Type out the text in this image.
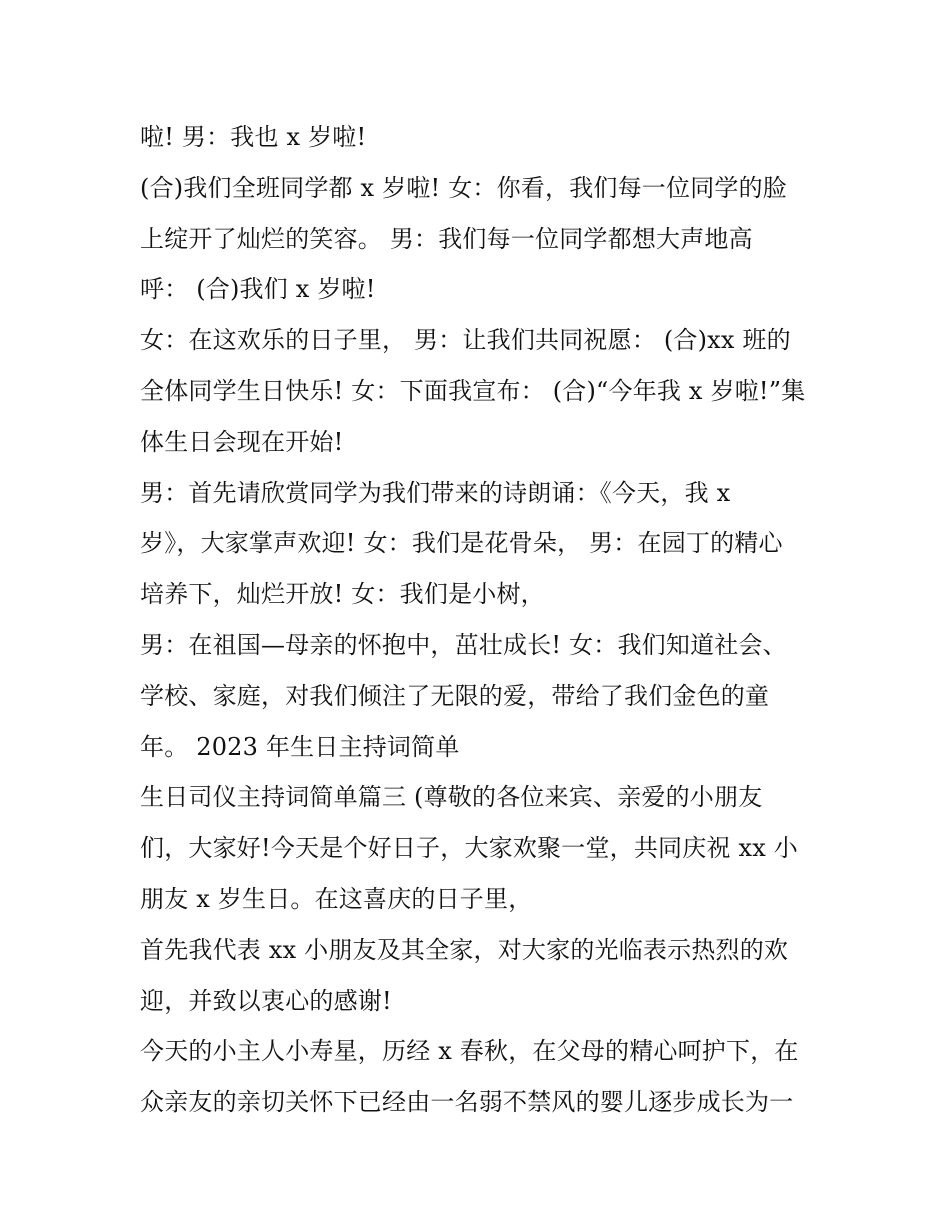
啦! 男：我也 x 岁啦!
(合)我们全班同学都 x 岁啦! 女：你看，我们每一位同学的脸
上绽开了灿烂的笑容。 男：我们每一位同学都想大声地高
呼： (合)我们 x 岁啦!
女：在这欢乐的日子里， 男：让我们共同祝愿： (合)xx 班的
全体同学生日快乐! 女：下面我宣布： (合)“今年我 x 岁啦!”集
体生日会现在开始!
男：首先请欣赏同学为我们带来的诗朗诵：《今天，我 x
岁》，大家掌声欢迎! 女：我们是花骨朵， 男：在园丁的精心
培养下，灿烂开放! 女：我们是小树，
男：在祖国—母亲的怀抱中，茁壮成长! 女：我们知道社会、
学校、家庭，对我们倾注了无限的爱，带给了我们金色的童
年。 2023 年生日主持词简单
生日司仪主持词简单篇三 (尊敬的各位来宾、亲爱的小朋友
们，大家好!今天是个好日子，大家欢聚一堂，共同庆祝 xx 小
朋友 x 岁生日。在这喜庆的日子里，
首先我代表 xx 小朋友及其全家，对大家的光临表示热烈的欢
迎，并致以衷心的感谢!
今天的小主人小寿星，历经 x 春秋，在父母的精心呵护下，在
众亲友的亲切关怀下已经由一名弱不禁风的婴儿逐步成长为一
